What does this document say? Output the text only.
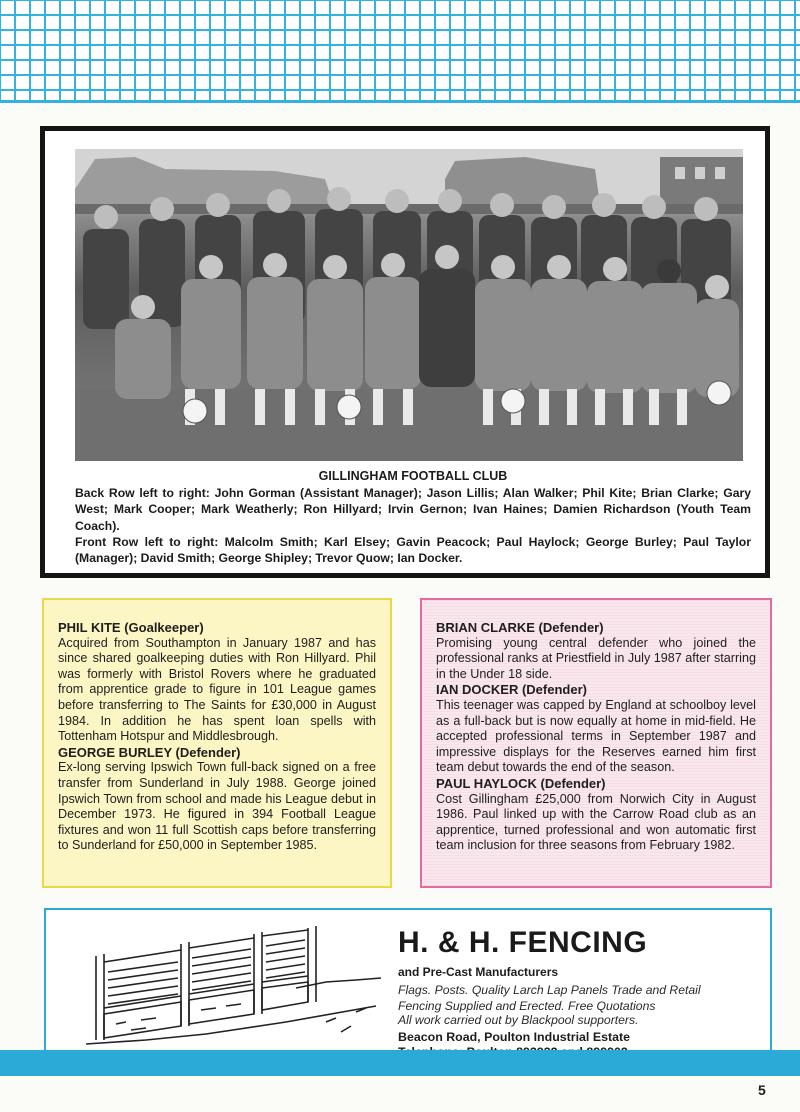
GILLINGHAM FOOTBALL CLUB

Back Row left to right: John Gorman (Assistant Manager); Jason Lillis; Alan Walker; Phil Kite; Brian Clarke; Gary West; Mark Cooper; Mark Weatherly; Ron Hillyard; Irvin Gernon; Ivan Haines; Damien Richardson (Youth Team Coach).

Front Row left to right: Malcolm Smith; Karl Elsey; Gavin Peacock; Paul Haylock; George Burley; Paul Taylor (Manager); David Smith; George Shipley; Trevor Quow; Ian Docker.

PHIL KITE (Goalkeeper)
Acquired from Southampton in January 1987 and has since shared goalkeeping duties with Ron Hillyard. Phil was formerly with Bristol Rovers where he graduated from apprentice grade to figure in 101 League games before transferring to The Saints for £30,000 in August 1984. In addition he has spent loan spells with Tottenham Hotspur and Middlesbrough.
GEORGE BURLEY (Defender)
Ex-long serving Ipswich Town full-back signed on a free transfer from Sunderland in July 1988. George joined Ipswich Town from school and made his League debut in December 1973. He figured in 394 Football League fixtures and won 11 full Scottish caps before transferring to Sunderland for £50,000 in September 1985.
BRIAN CLARKE (Defender)
Promising young central defender who joined the professional ranks at Priestfield in July 1987 after starring in the Under 18 side.
IAN DOCKER (Defender)
This teenager was capped by England at schoolboy level as a full-back but is now equally at home in mid-field. He accepted professional terms in September 1987 and impressive displays for the Reserves earned him first team debut towards the end of the season.
PAUL HAYLOCK (Defender)
Cost Gillingham £25,000 from Norwich City in August 1986. Paul linked up with the Carrow Road club as an apprentice, turned professional and won automatic first team inclusion for three seasons from February 1982.
H. & H. FENCING
and Pre-Cast Manufacturers
Flags. Posts. Quality Larch Lap Panels Trade and Retail
Fencing Supplied and Erected. Free Quotations
All work carried out by Blackpool supporters.
Beacon Road, Poulton Industrial Estate
5
